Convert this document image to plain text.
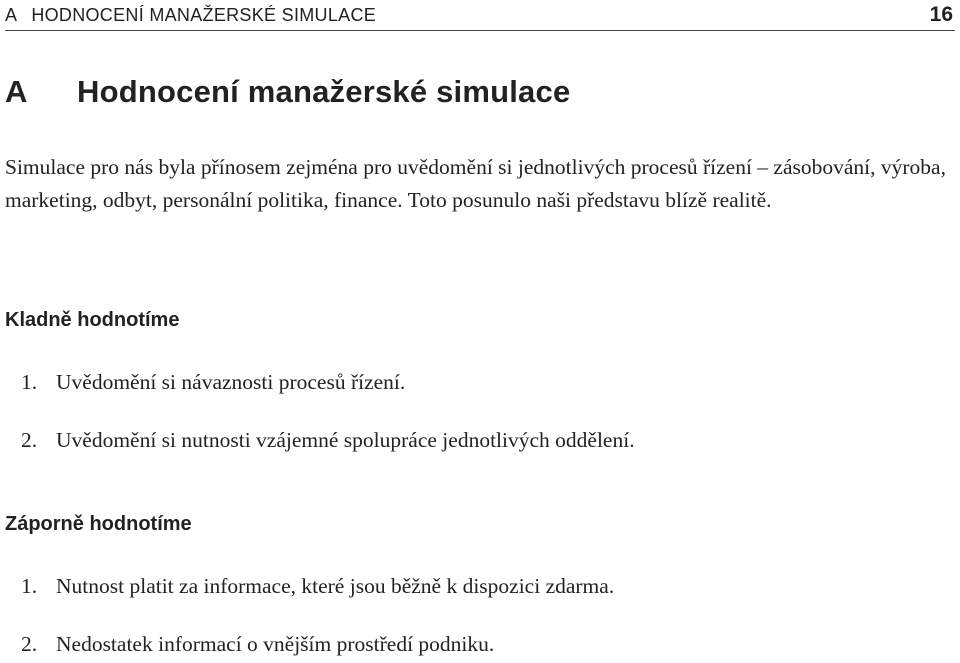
A HODNOCENÍ MANAŽERSKÉ SIMULACE	16
A Hodnocení manažerské simulace

Simulace pro nás byla přínosem zejména pro uvědomění si jednotlivých procesů řízení – zásobování, výroba, marketing, odbyt, personální politika, finance. Toto posunulo naši představu blízě realitě.

Kladně hodnotíme

1. Uvědomění si návaznosti procesů řízení.

2. Uvědomění si nutnosti vzájemné spolupráce jednotlivých oddělení.

Záporně hodnotíme

1. Nutnost platit za informace, které jsou běžně k dispozici zdarma.

2. Nedostatek informací o vnějším prostředí podniku.
